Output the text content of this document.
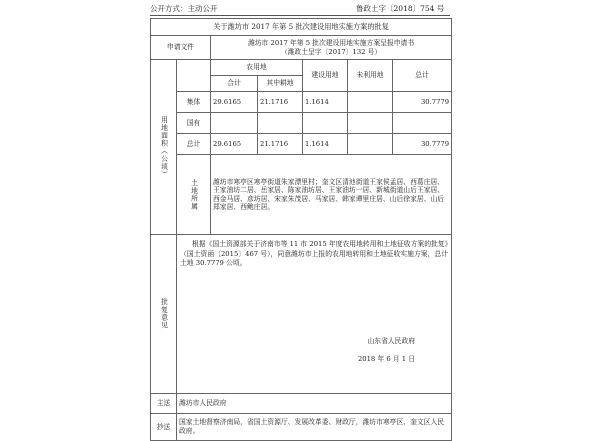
公开方式：主动公开	鲁政土字〔2018〕754 号
关于潍坊市 2017 年第 5 批次建设用地实施方案的批复						
申请文件		潍坊市 2017 年第 5 批次建设用地实施方案呈报申请书
（潍政土呈字〔2017〕132 号）				

用地面积（公顷）		农用地		建设用地	未利用地	总计
		合计	其中耕地			
	集体	29.6165	21.1716	1.1614		30.7779
	国有					
	总计	29.6165	21.1716	1.1614		30.7779

	土地所属	潍坊市寒亭区寒亭街道朱家漂里村；奎文区清池街道王家侯孟居、西葛庄居、王家油坊二居、岳家居、陈家油坊居、王家油坊一居、新城街道山后王家居、西金马居、彦坊居、宋家朱茂居、马家居、韩家谭里庄居、山后徐家居、山后郑家居、西鲍庄居。				

批复意见	根据《国土资源部关于济南市等 11 市 2015 年度农用地转用和土地征收方案的批复》（国土资函〔2015〕467 号），同意潍坊市上报的农用地转用和土地征收实施方案，总计土地 30.7779 公顷。
山东省人民政府
2018 年 6 月 1 日					

主送	潍坊市人民政府					
抄送	国家土地督察济南局，省国土资源厅、发展改革委、财政厅，潍坊市寒亭区、奎文区人民政府。					
